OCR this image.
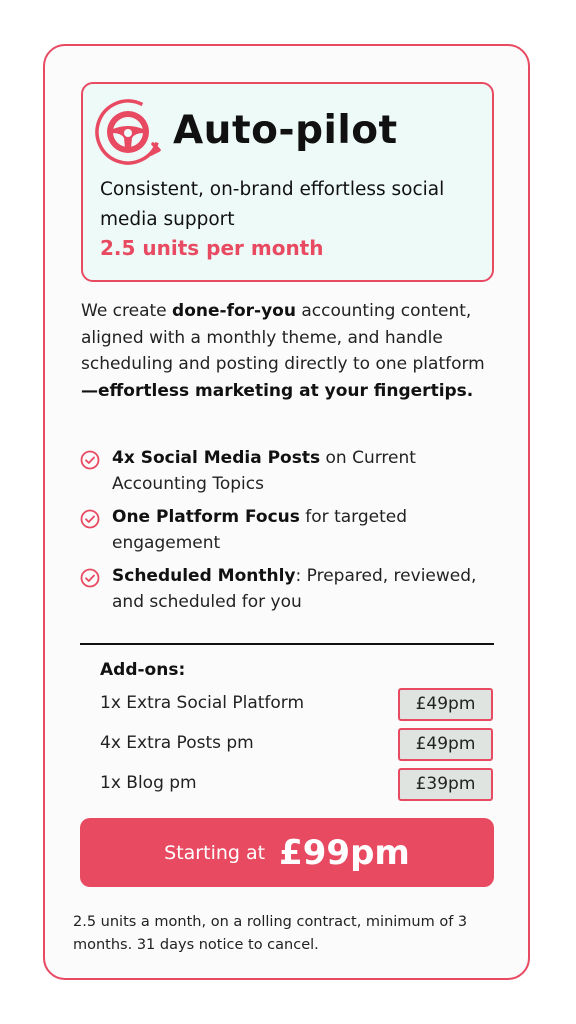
Auto-pilot
Consistent, on-brand effortless social media support
2.5 units per month

We create done-for-you accounting content, aligned with a monthly theme, and handle scheduling and posting directly to one platform—effortless marketing at your fingertips.

4x Social Media Posts on Current Accounting Topics
One Platform Focus for targeted engagement
Scheduled Monthly: Prepared, reviewed, and scheduled for you
Add-ons:
1x Extra Social Platform	£49pm
4x Extra Posts pm	£49pm
1x Blog pm	£39pm
Starting at £99pm

2.5 units a month, on a rolling contract, minimum of 3 months. 31 days notice to cancel.
